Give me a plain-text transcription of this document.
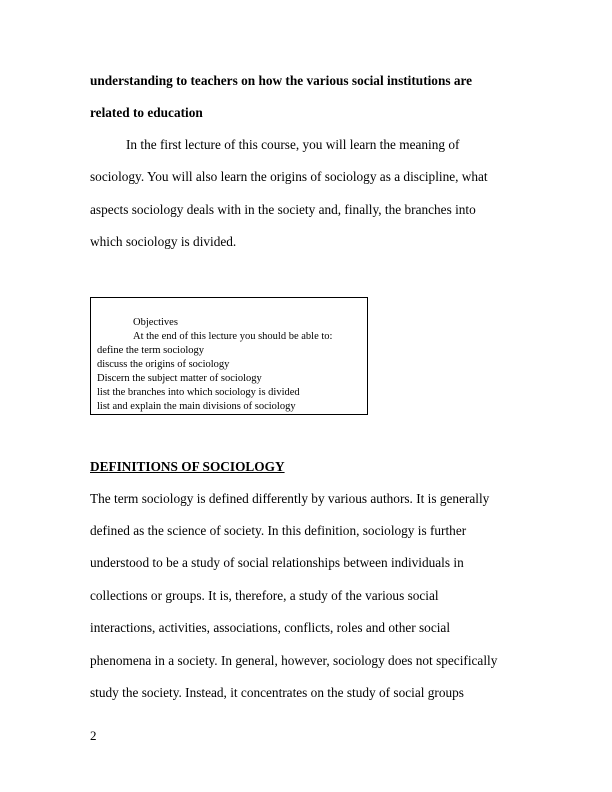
understanding to teachers on how the various social institutions are
related to education
In the first lecture of this course, you will learn the meaning of
sociology. You will also learn the origins of sociology as a discipline, what
aspects sociology deals with in the society and, finally, the branches into
which sociology is divided.
Objectives
At the end of this lecture you should be able to:
define the term sociology
discuss the origins of sociology
Discern the subject matter of sociology
list the branches into which sociology is divided
list and explain the main divisions of sociology
DEFINITIONS OF SOCIOLOGY
The term sociology is defined differently by various authors. It is generally
defined as the science of society. In this definition, sociology is further
understood to be a study of social relationships between individuals in
collections or groups. It is, therefore, a study of the various social
interactions, activities, associations, conflicts, roles and other social
phenomena in a society. In general, however, sociology does not specifically
study the society. Instead, it concentrates on the study of social groups
2
